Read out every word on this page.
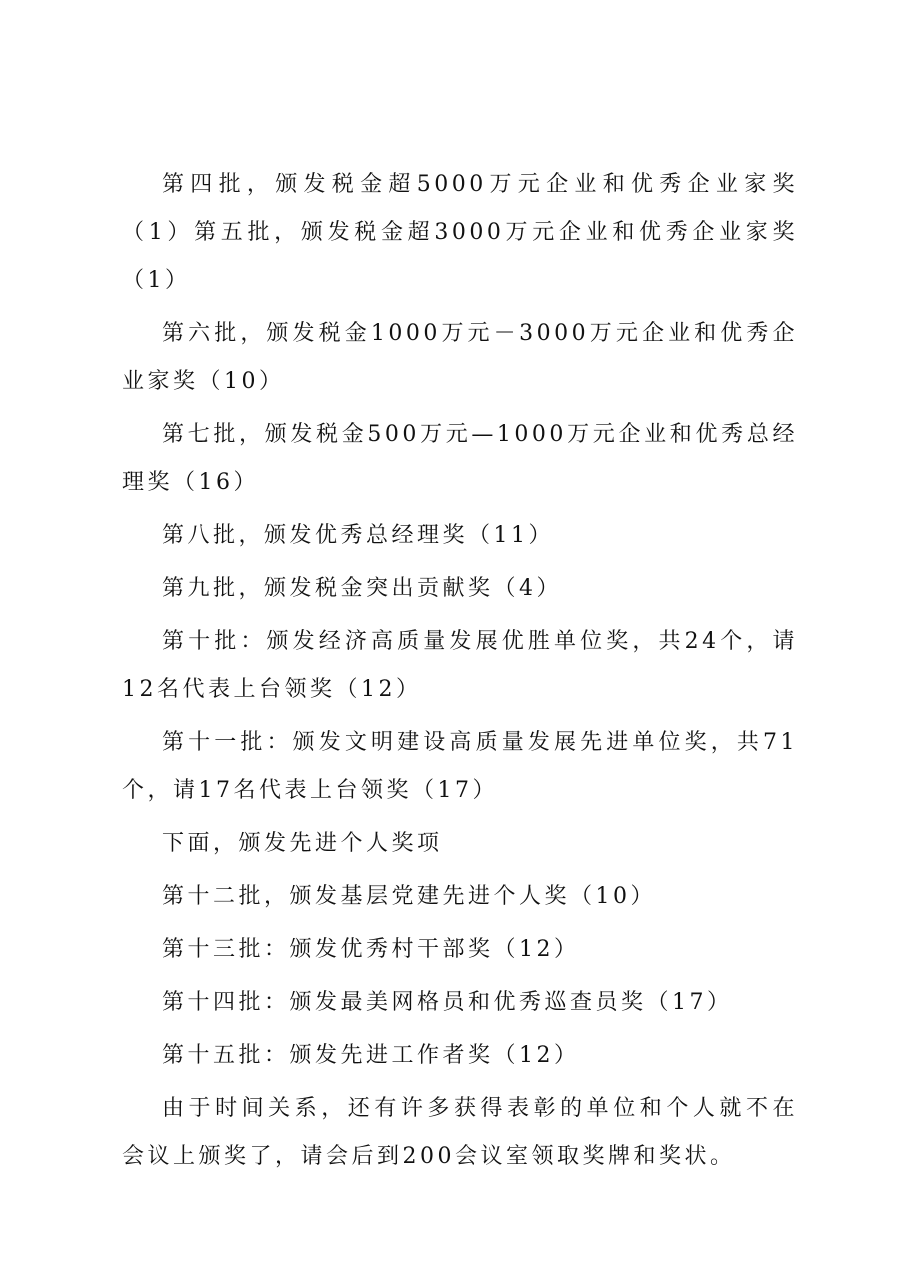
第四批，颁发税金超5000万元企业和优秀企业家奖（1）第五批，颁发税金超3000万元企业和优秀企业家奖（1）

第六批，颁发税金1000万元－3000万元企业和优秀企业家奖（10）

第七批，颁发税金500万元—1000万元企业和优秀总经理奖（16）

第八批，颁发优秀总经理奖（11）

第九批，颁发税金突出贡献奖（4）

第十批：颁发经济高质量发展优胜单位奖，共24个，请12名代表上台领奖（12）

第十一批：颁发文明建设高质量发展先进单位奖，共71个，请17名代表上台领奖（17）

下面，颁发先进个人奖项

第十二批，颁发基层党建先进个人奖（10）

第十三批：颁发优秀村干部奖（12）

第十四批：颁发最美网格员和优秀巡查员奖（17）

第十五批：颁发先进工作者奖（12）

由于时间关系，还有许多获得表彰的单位和个人就不在会议上颁奖了，请会后到200会议室领取奖牌和奖状。
